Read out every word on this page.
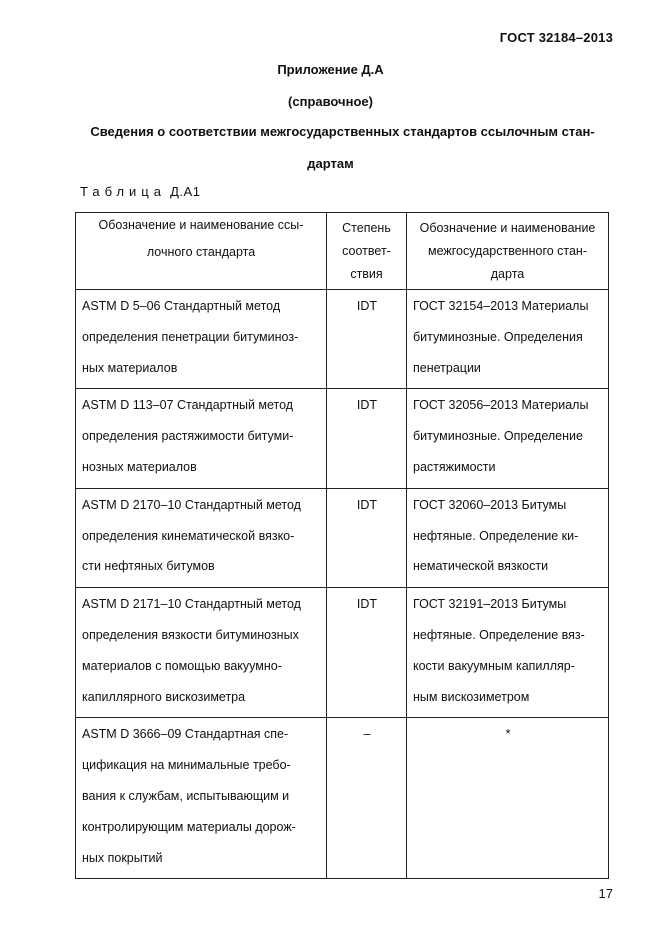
ГОСТ 32184–2013
Приложение Д.А
(справочное)
Сведения о соответствии межгосударственных стандартов ссылочным стан-
дартам
Таблица Д.А1
Обозначение и наименование ссы-
лочного стандарта	Степень
соответ-
ствия	Обозначение и наименование
межгосударственного стан-
дарта

ASTM D 5–06 Стандартный метод
определения пенетрации битуминоз-
ных материалов	IDT	ГОСТ 32154–2013 Материалы
битуминозные. Определения
пенетрации

ASTM D 113–07 Стандартный метод
определения растяжимости битуми-
нозных материалов	IDT	ГОСТ 32056–2013 Материалы
битуминозные. Определение
растяжимости

ASTM D 2170–10 Стандартный метод
определения кинематической вязко-
сти нефтяных битумов	IDT	ГОСТ 32060–2013 Битумы
нефтяные. Определение ки-
нематической вязкости

ASTM D 2171–10 Стандартный метод
определения вязкости битуминозных
материалов с помощью вакуумно-
капиллярного вискозиметра	IDT	ГОСТ 32191–2013 Битумы
нефтяные. Определение вяз-
кости вакуумным капилляр-
ным вискозиметром

ASTM D 3666–09 Стандартная спе-
цификация на минимальные требо-
вания к службам, испытывающим и
контролирующим материалы дорож-
ных покрытий	–	*
17
